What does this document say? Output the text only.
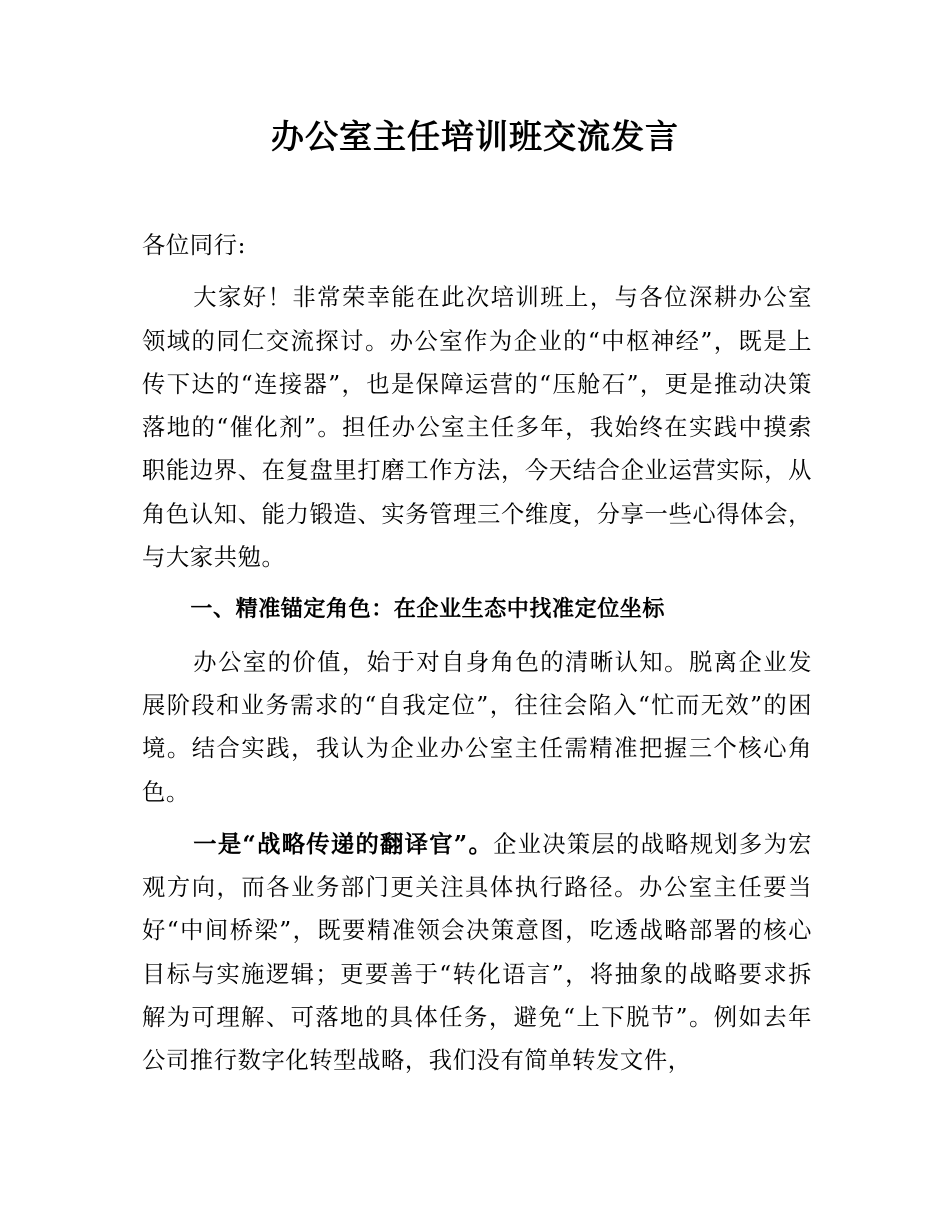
办公室主任培训班交流发言

各位同行:

大家好！非常荣幸能在此次培训班上，与各位深耕办公室领域的同仁交流探讨。办公室作为企业的“中枢神经”，既是上传下达的“连接器”，也是保障运营的“压舱石”，更是推动决策落地的“催化剂”。担任办公室主任多年，我始终在实践中摸索职能边界、在复盘里打磨工作方法，今天结合企业运营实际，从角色认知、能力锻造、实务管理三个维度，分享一些心得体会，与大家共勉。

一、精准锚定角色：在企业生态中找准定位坐标

办公室的价值，始于对自身角色的清晰认知。脱离企业发展阶段和业务需求的“自我定位”，往往会陷入“忙而无效”的困境。结合实践，我认为企业办公室主任需精准把握三个核心角色。

一是“战略传递的翻译官”。企业决策层的战略规划多为宏观方向，而各业务部门更关注具体执行路径。办公室主任要当好“中间桥梁”，既要精准领会决策意图，吃透战略部署的核心目标与实施逻辑；更要善于“转化语言”，将抽象的战略要求拆解为可理解、可落地的具体任务，避免“上下脱节”。例如去年公司推行数字化转型战略，我们没有简单转发文件，
